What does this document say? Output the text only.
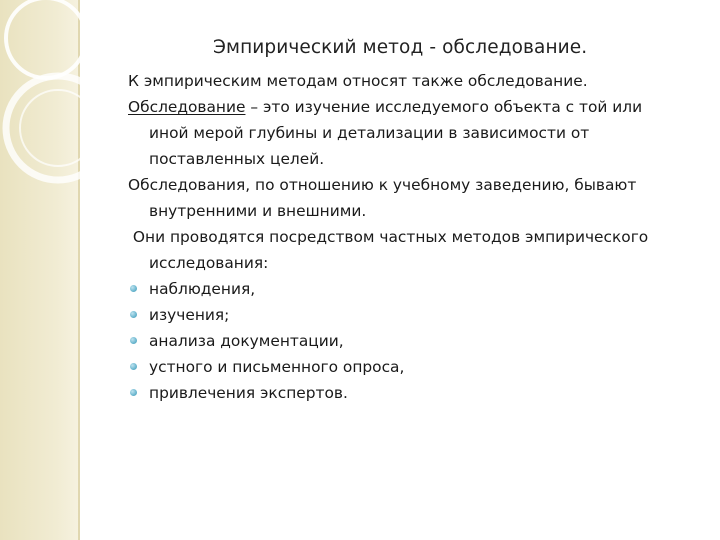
Эмпирический метод - обследование.
К эмпирическим методам относят также обследование.
Обследование – это изучение исследуемого объекта с той или
иной мерой глубины и детализации в зависимости от
поставленных целей.
Обследования, по отношению к учебному заведению, бывают
внутренними и внешними.
Они проводятся посредством частных методов эмпирического
исследования:
наблюдения,
изучения;
анализа документации,
устного и письменного опроса,
привлечения экспертов.
